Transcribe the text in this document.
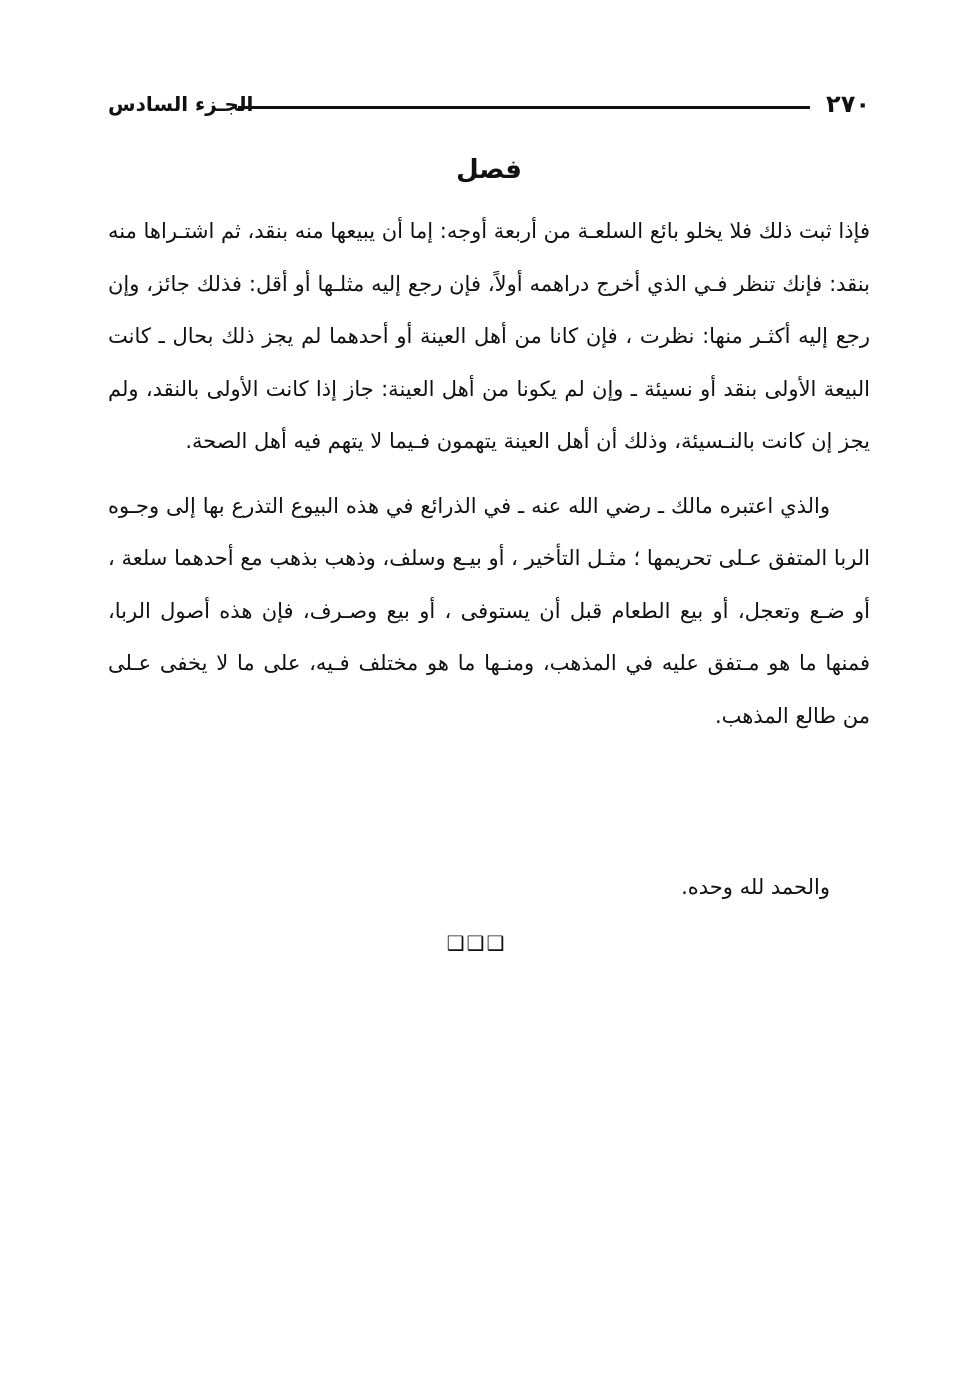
الجـزء السادس	٢٧٠
فصل

فإذا ثبت ذلك فلا يخلو بائع السلعـة من أربعة أوجه: إما أن يبيعها منه بنقد، ثم اشتـراها منه بنقد: فإنك تنظر فـي الذي أخرج دراهمه أولاً، فإن رجع إليه مثلـها أو أقل: فذلك جائز، وإن رجع إليه أكثـر منها: نظرت ، فإن كانا من أهل العينة أو أحدهما لم يجز ذلك بحال ـ كانت البيعة الأولى بنقد أو نسيئة ـ وإن لم يكونا من أهل العينة: جاز إذا كانت الأولى بالنقد، ولم يجز إن كانت بالنـسيئة، وذلك أن أهل العينة يتهمون فـيما لا يتهم فيه أهل الصحة.

والذي اعتبره مالك ـ رضي الله عنه ـ في الذرائع في هذه البيوع التذرع بها إلى وجـوه الربا المتفق عـلى تحريمها ؛ مثـل التأخير ، أو بيـع وسلف، وذهب بذهب مع أحدهما سلعة ، أو ضـع وتعجل، أو بيع الطعام قبل أن يستوفى ، أو بيع وصـرف، فإن هذه أصول الربا، فمنها ما هو مـتفق عليه في المذهب، ومنـها ما هو مختلف فـيه، على ما لا يخفى عـلى من طالع المذهب.

والحمد لله وحده.
❑❑❑
